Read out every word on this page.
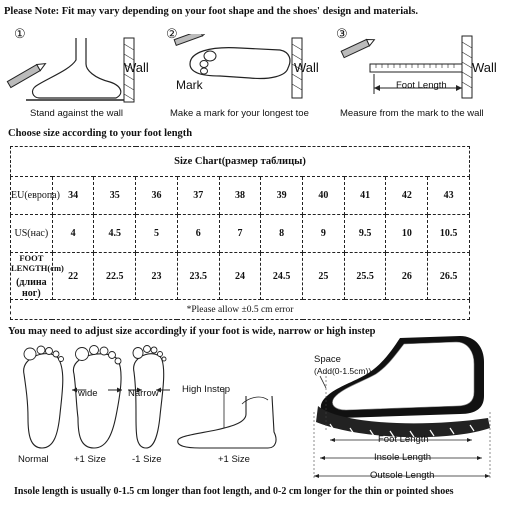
Please Note: Fit may vary depending on your foot shape and the shoes' design and materials.
①
Wall
Stand against the wall
②
Mark
Wall
Make a mark for your longest toe
③
Wall
Foot Length
Measure from the mark to the wall
Choose size according to your foot length
Size Chart(размер таблицы)										
EU(европа)	34	35	36	37	38	39	40	41	42	43
US(нас)	4	4.5	5	6	7	8	9	9.5	10	10.5

FOOT LENGTH(cm)
(длина ног)	22	22.5	23	23.5	24	24.5	25	25.5	26	26.5
*Please allow ±0.5 cm error										
You may need to adjust size accordingly if your foot is wide, narrow or high instep
wide	Narrow High Instep
Normal	+1 Size	-1 Size	+1 Size
Space
(Add(0-1.5cm))
Foot Length
Insole Length
Outsole Length
Insole length is usually 0-1.5 cm longer than foot length, and 0-2 cm longer for the thin or pointed shoes
